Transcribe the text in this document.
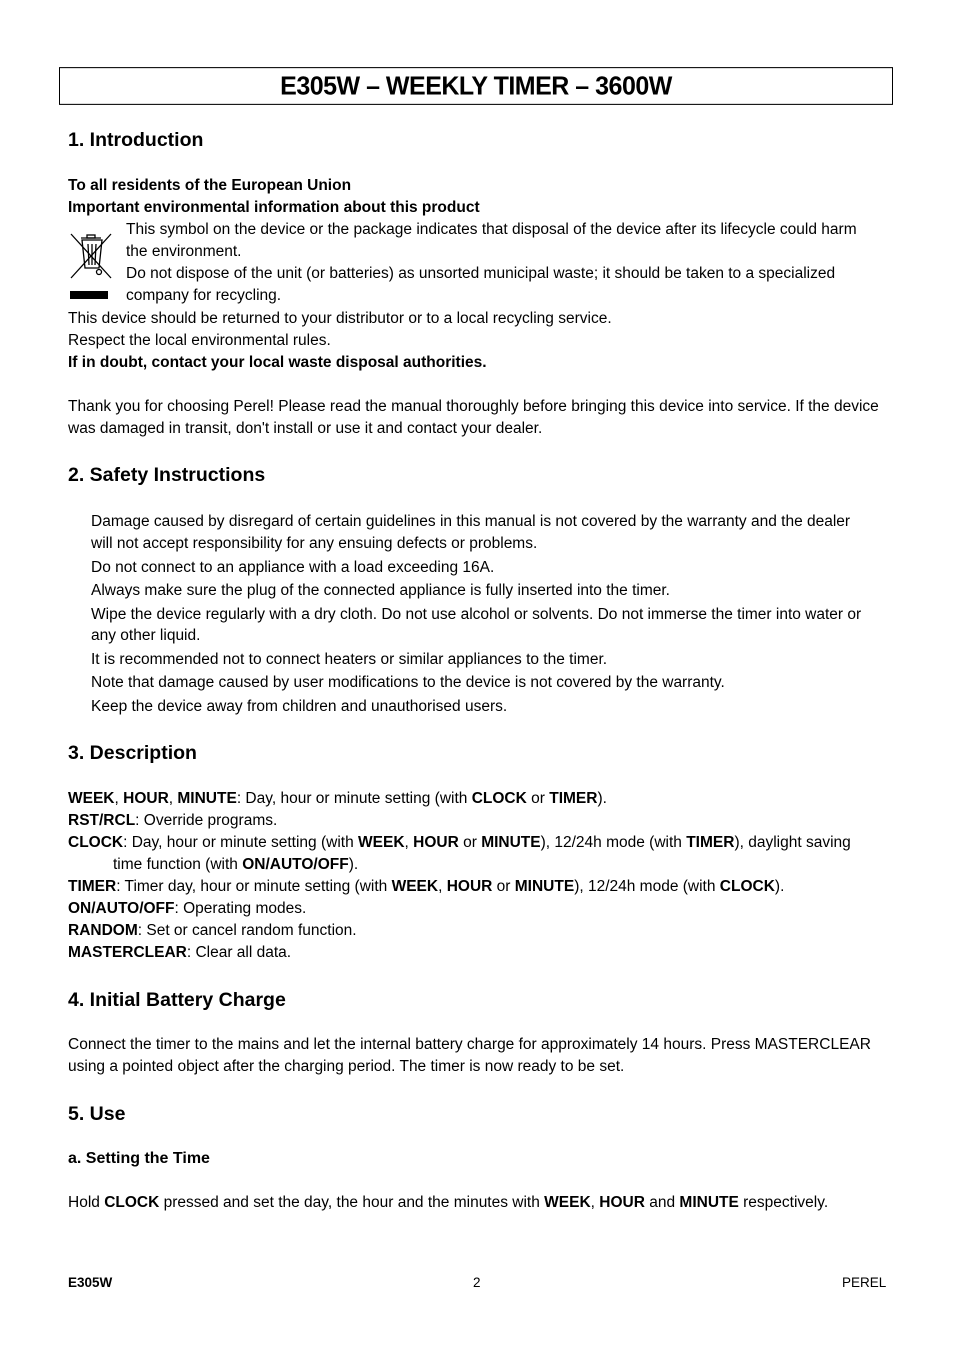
E305W – WEEKLY TIMER – 3600W
1. Introduction
To all residents of the European Union
Important environmental information about this product
This symbol on the device or the package indicates that disposal of the device after its lifecycle could harm
the environment.
Do not dispose of the unit (or batteries) as unsorted municipal waste; it should be taken to a specialized
company for recycling.
This device should be returned to your distributor or to a local recycling service.
Respect the local environmental rules.
If in doubt, contact your local waste disposal authorities.
Thank you for choosing Perel! Please read the manual thoroughly before bringing this device into service. If the device
was damaged in transit, don't install or use it and contact your dealer.
2. Safety Instructions
Damage caused by disregard of certain guidelines in this manual is not covered by the warranty and the dealer
will not accept responsibility for any ensuing defects or problems.
Do not connect to an appliance with a load exceeding 16A.
Always make sure the plug of the connected appliance is fully inserted into the timer.
Wipe the device regularly with a dry cloth. Do not use alcohol or solvents. Do not immerse the timer into water or
any other liquid.
It is recommended not to connect heaters or similar appliances to the timer.
Note that damage caused by user modifications to the device is not covered by the warranty.
Keep the device away from children and unauthorised users.
3. Description
WEEK, HOUR, MINUTE: Day, hour or minute setting (with CLOCK or TIMER).
RST/RCL: Override programs.
CLOCK: Day, hour or minute setting (with WEEK, HOUR or MINUTE), 12/24h mode (with TIMER), daylight saving
time function (with ON/AUTO/OFF).
TIMER: Timer day, hour or minute setting (with WEEK, HOUR or MINUTE), 12/24h mode (with CLOCK).
ON/AUTO/OFF: Operating modes.
RANDOM: Set or cancel random function.
MASTERCLEAR: Clear all data.
4. Initial Battery Charge
Connect the timer to the mains and let the internal battery charge for approximately 14 hours. Press MASTERCLEAR
using a pointed object after the charging period. The timer is now ready to be set.
5. Use
a. Setting the Time
Hold CLOCK pressed and set the day, the hour and the minutes with WEEK, HOUR and MINUTE respectively.
E305W	2	PEREL
